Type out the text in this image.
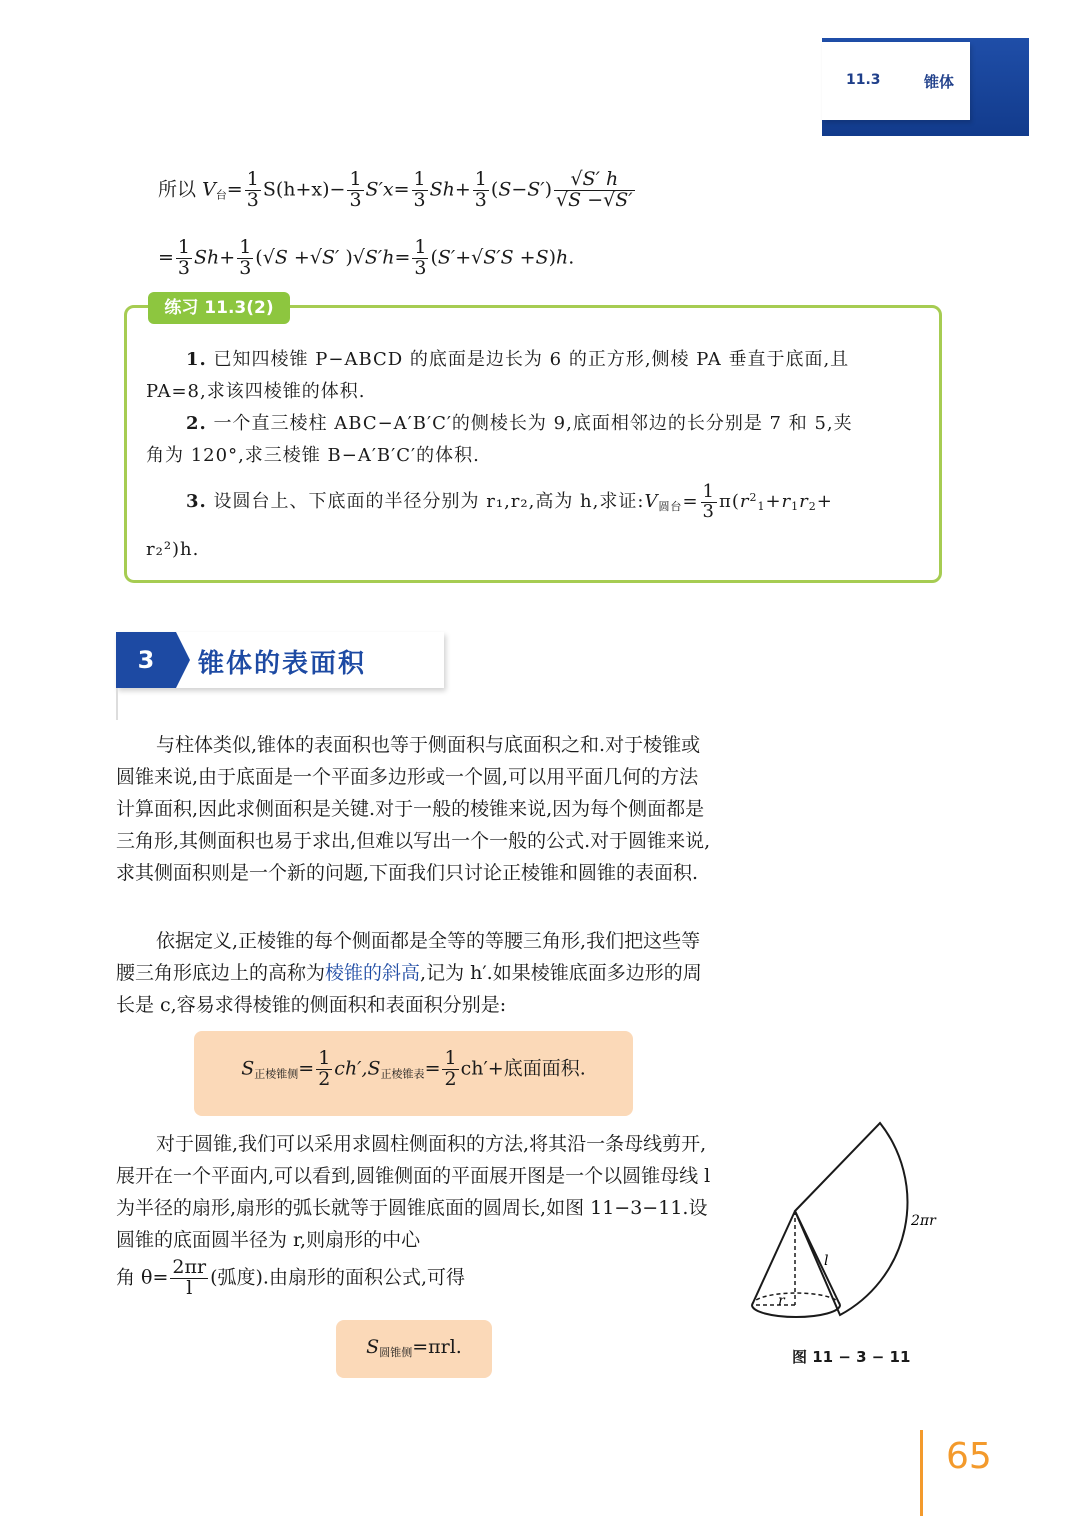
11.3	锥体
所以 $V_台= \frac{1}{3} S(h+x)- \frac{1}{3} S'x= \frac{1}{3} Sh+ \frac{1}{3} (S-S') \frac{√S' h}{√S -√S'}$
= $\frac{1}{3} Sh+ \frac{1}{3} (√S +√S'$ )$√S'h= \frac{1}{3} (S'+√S'S +S)h$.
练习 11.3(2)
1. 已知四棱锥 P−ABCD 的底面是边长为 6 的正方形,侧棱 PA 垂直于底面,且
PA=8,求该四棱锥的体积.
2. 一个直三棱柱 ABC−A′B′C′的侧棱长为 9,底面相邻边的长分别是 7 和 5,夹
角为 120°,求三棱锥 B−A′B′C′的体积.
3. 设圆台上、下底面的半径分别为 r₁,r₂,高为 h,求证$:V_{圆台}= \frac{1}{3} \pi(r^2_1+r_1r_2+$
r₂²)h.
3	锥体的表面积

与柱体类似,锥体的表面积也等于侧面积与底面积之和.对于棱锥或圆锥来说,由于底面是一个平面多边形或一个圆,可以用平面几何的方法计算面积,因此求侧面积是关键.对于一般的棱锥来说,因为每个侧面都是三角形,其侧面积也易于求出,但难以写出一个一般的公式.对于圆锥来说,求其侧面积则是一个新的问题,下面我们只讨论正棱锥和圆锥的表面积.

依据定义,正棱锥的每个侧面都是全等的等腰三角形,我们把这些等腰三角形底边上的高称为棱锥的斜高,记为 h′.如果棱锥底面多边形的周长是 c,容易求得棱锥的侧面积和表面积分别是:

$S_{正棱锥侧}= \frac{1}{2} ch',S_{正棱锥表}= \frac{1}{2} ch'+$底面面积.

对于圆锥,我们可以采用求圆柱侧面积的方法,将其沿一条母线剪开,展开在一个平面内,可以看到,圆锥侧面的平面展开图是一个以圆锥母线 l 为半径的扇形,扇形的弧长就等于圆锥底面的圆周长,如图 11−3−11.设圆锥的底面圆半径为 r,则扇形的中心

角 $\theta= \frac{2\pi r}{l}$ (弧度).由扇形的面积公式,可得
$S_{圆锥侧}=\pi rl$.
2πr
l
r
图 11 − 3 − 11
65
